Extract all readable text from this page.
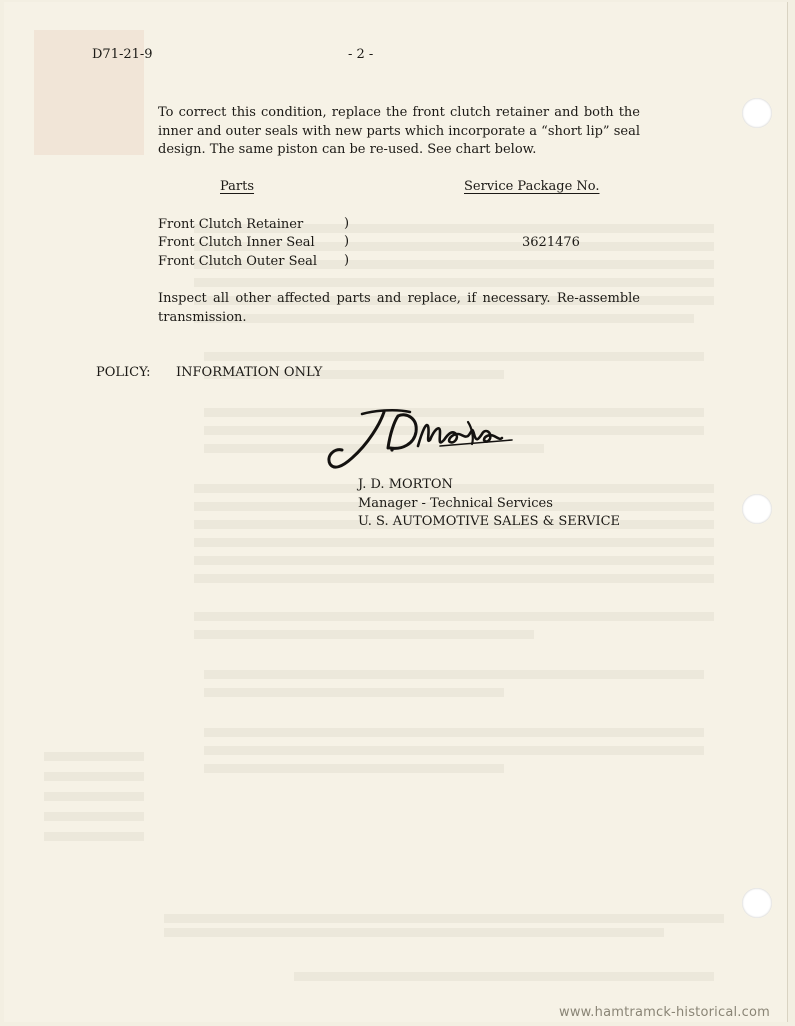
D71-21-9	- 2 -
To correct this condition, replace the front clutch retainer and both the inner and outer seals with new parts which incorporate a “short lip” seal design. The same piston can be re-used. See chart below.
Parts	Service Package No.
Front Clutch Retainer
Front Clutch Inner Seal
Front Clutch Outer Seal
)
)
)
3621476
Inspect all other affected parts and replace, if necessary. Re-assemble transmission.
POLICY: INFORMATION ONLY
J. D. MORTON
Manager - Technical Services
U. S. AUTOMOTIVE SALES & SERVICE
www.hamtramck-historical.com
